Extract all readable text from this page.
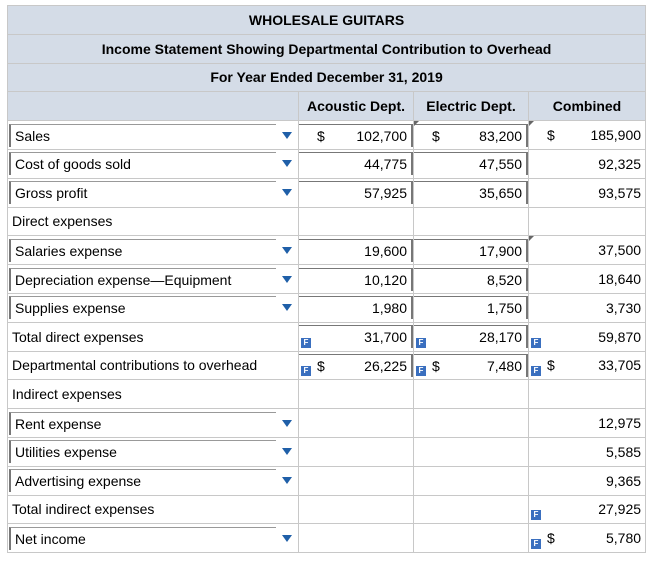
WHOLESALE GUITARS			
Income Statement Showing Departmental Contribution to Overhead			
For Year Ended December 31, 2019			
	Acoustic Dept.	Electric Dept.	Combined

Sales	$ 102,700	$ 83,200	$ 185,900

Cost of goods sold	44,775	47,550	92,325

Gross profit	57,925	35,650	93,575

Direct expenses			

Salaries expense	19,600	17,900	37,500

Depreciation expense—Equipment	10,120	8,520	18,640

Supplies expense	1,980	1,750	3,730

Total direct expenses	F 31,700	F 28,170	F 59,870

Departmental contributions to overhead	F $ 26,225	F $ 7,480	F $ 33,705

Indirect expenses			

Rent expense			12,975

Utilities expense			5,585

Advertising expense			9,365

Total indirect expenses			F 27,925

Net income			F $ 5,780
